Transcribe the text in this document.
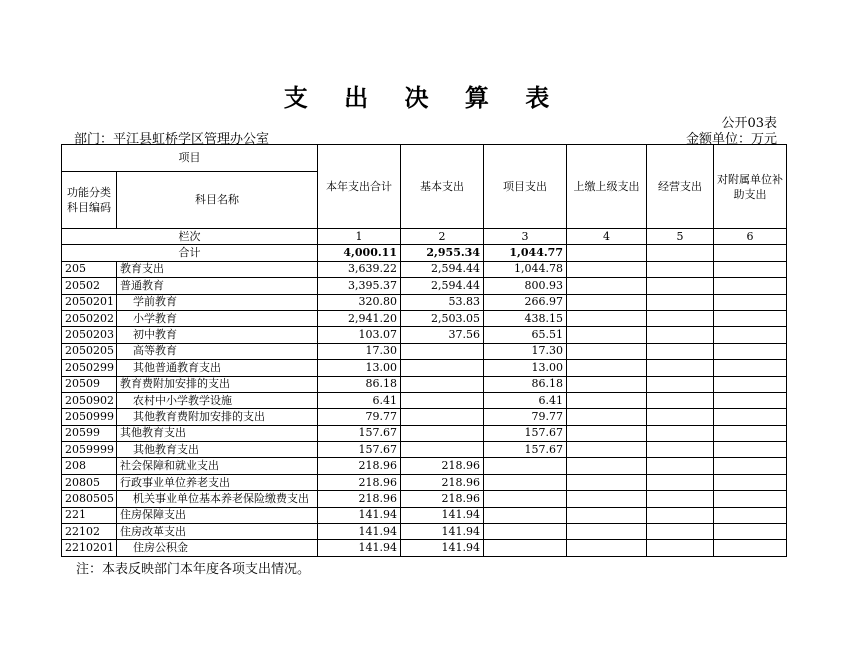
支 出 决 算 表
公开03表
部门：平江县虹桥学区管理办公室	金额单位：万元
项目		本年支出合计	基本支出	项目支出	上缴上级支出	经营支出	对附属单位补助支出
功能分类科目编码	科目名称						
栏次		1	2	3	4	5	6
合计		4,000.11	2,955.34	1,044.77			
205	教育支出	3,639.22	2,594.44	1,044.78			
20502	普通教育	3,395.37	2,594.44	800.93			
2050201	学前教育	320.80	53.83	266.97			
2050202	小学教育	2,941.20	2,503.05	438.15			
2050203	初中教育	103.07	37.56	65.51			
2050205	高等教育	17.30		17.30			
2050299	其他普通教育支出	13.00		13.00			
20509	教育费附加安排的支出	86.18		86.18			
2050902	农村中小学教学设施	6.41		6.41			
2050999	其他教育费附加安排的支出	79.77		79.77			
20599	其他教育支出	157.67		157.67			
2059999	其他教育支出	157.67		157.67			
208	社会保障和就业支出	218.96	218.96				
20805	行政事业单位养老支出	218.96	218.96				
2080505	机关事业单位基本养老保险缴费支出	218.96	218.96				
221	住房保障支出	141.94	141.94				
22102	住房改革支出	141.94	141.94				
2210201	住房公积金	141.94	141.94				
注：本表反映部门本年度各项支出情况。
